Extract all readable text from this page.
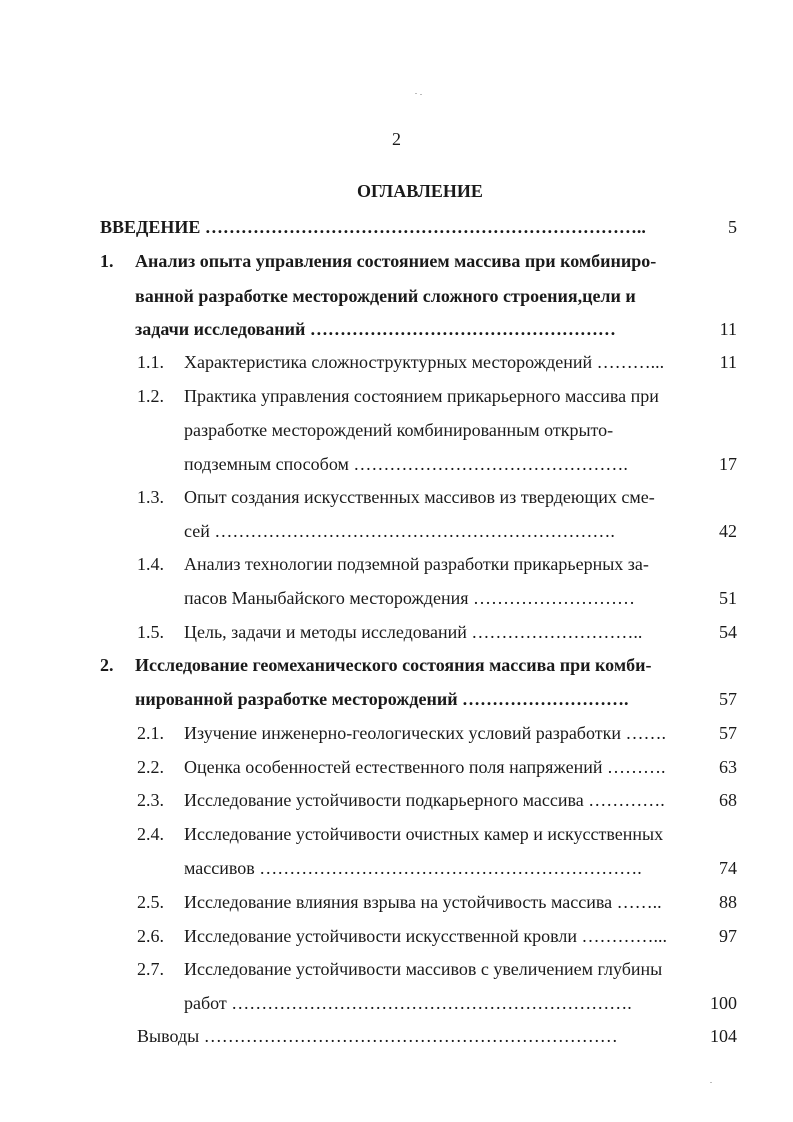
2
ОГЛАВЛЕНИЕ
ВВЕДЕНИЕ ………………………………………………………………..	5
1. Анализ опыта управления состоянием массива при комбиниро-
ванной разработке месторождений сложного строения,цели и
задачи исследований ……………………………………………	11
1.1. Характеристика сложноструктурных месторождений ………...	11
1.2. Практика управления состоянием прикарьерного массива при
разработке месторождений комбинированным открыто-
подземным способом ……………………………………….	17
1.3. Опыт создания искусственных массивов из твердеющих сме-
сей ………………………………………………………….	42
1.4. Анализ технологии подземной разработки прикарьерных за-
пасов Маныбайского месторождения ………………………	51
1.5. Цель, задачи и методы исследований ………………………..	54
2. Исследование геомеханического состояния массива при комби-
нированной разработке месторождений ……………………….	57
2.1. Изучение инженерно-геологических условий разработки …….	57
2.2. Оценка особенностей естественного поля напряжений ……….	63
2.3. Исследование устойчивости подкарьерного массива ………….	68
2.4. Исследование устойчивости очистных камер и искусственных
массивов ……………………………………………………….	74
2.5. Исследование влияния взрыва на устойчивость массива ……..	88
2.6. Исследование устойчивости искусственной кровли …………...	97
2.7. Исследование устойчивости массивов с увеличением глубины
работ ………………………………………………………….	100
Выводы ……………………………………………………………	104
